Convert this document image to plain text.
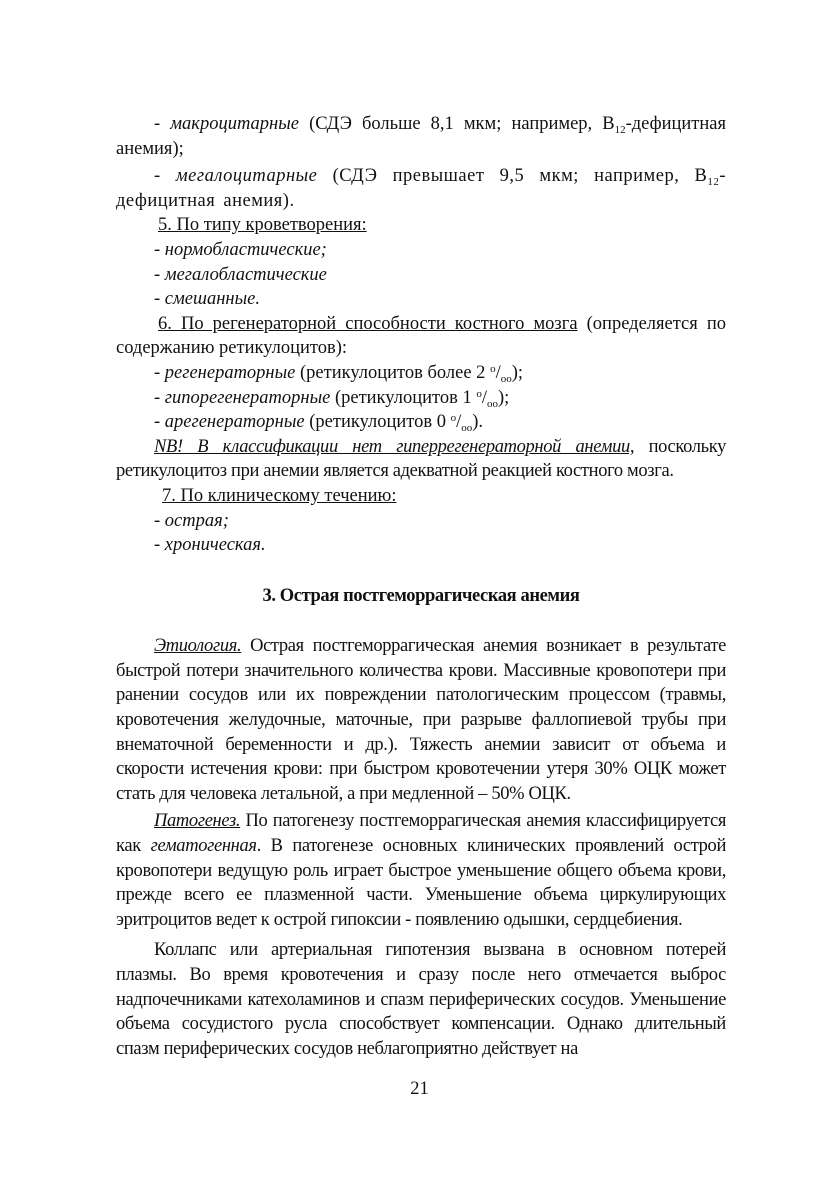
- макроцитарные (СДЭ больше 8,1 мкм; например, $В_{12}$-дефицитная анемия);

- мегалоцитарные (СДЭ превышает 9,5 мкм; например, $В_{12}$-дефицитная анемия).

5. По типу кроветворения:

- нормобластические;

- мегалобластические

- смешанные.

6. По регенераторной способности костного мозга (определяется по содержанию ретикулоцитов):

- регенераторные (ретикулоцитов более 2 $^о/_{оо}$);

- гипорегенераторные (ретикулоцитов 1 $^о/_{оо}$);

- арегенераторные (ретикулоцитов 0 $^о/_{оо}$).

NB! В классификации нет гиперрегенераторной анемии, поскольку ретикулоцитоз при анемии является адекватной реакцией костного мозга.

7. По клиническому течению:

- острая;

- хроническая.

3. Острая постгеморрагическая анемия

Этиология. Острая постгеморрагическая анемия возникает в результате быстрой потери значительного количества крови. Массивные кровопотери при ранении сосудов или их повреждении патологическим процессом (травмы, кровотечения желудочные, маточные, при разрыве фаллопиевой трубы при внематочной беременности и др.). Тяжесть анемии зависит от объема и скорости истечения крови: при быстром кровотечении утеря 30% ОЦК может стать для человека летальной, а при медленной – 50% ОЦК.

Патогенез. По патогенезу постгеморрагическая анемия классифицируется как гематогенная. В патогенезе основных клинических проявлений острой кровопотери ведущую роль играет быстрое уменьшение общего объема крови, прежде всего ее плазменной части. Уменьшение объема циркулирующих эритроцитов ведет к острой гипоксии - появлению одышки, сердцебиения.

Коллапс или артериальная гипотензия вызвана в основном потерей плазмы. Во время кровотечения и сразу после него отмечается выброс надпочечниками катехоламинов и спазм периферических сосудов. Уменьшение объема сосудистого русла способствует компенсации. Однако длительный спазм периферических сосудов неблагоприятно действует на

21
